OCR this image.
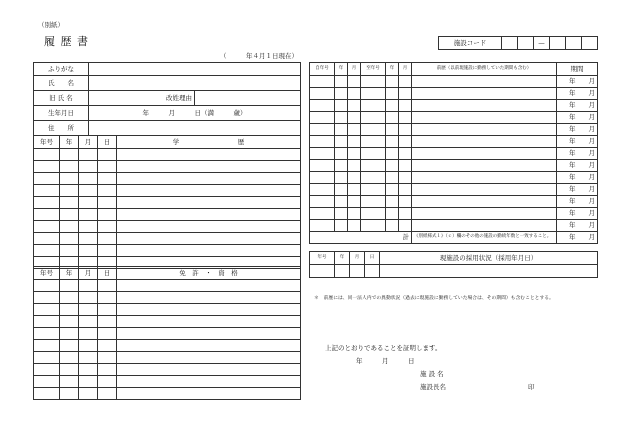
（別紙）
履 歴 書
（　　　年４月１日現在）
施設コード			—			
ふりがな		
氏　　名		
旧 氏 名	改姓理由	

生年月日	年　　　月　　　日（満　　　歳）	
住　　所		
年号	年	月	日	学　　　　　　　　　歴

年号	年	月	日	免　許　・　資　格

自年号	年	月	至年号	年	月	前歴（以前現施設に勤務していた期間も含む）	期間
							年　　月
							年　　月
							年　　月
							年　　月
							年　　月
							年　　月
							年　　月
							年　　月
							年　　月
							年　　月
							年　　月
							年　　月
							年　　月
計						《別紙様式１》（ｃ）欄のその他の施設の勤続年数と一致すること。	年　　月
年号	年	月	日	現施設の採用状況（採用年月日）

＊　前歴には、同一法人内での異動状況（過去に現施設に勤務していた場合は、その期間）も含むこととする。
上記のとおりであることを証明します。
年　　　月　　　日
施 設 名
施設長名	印
